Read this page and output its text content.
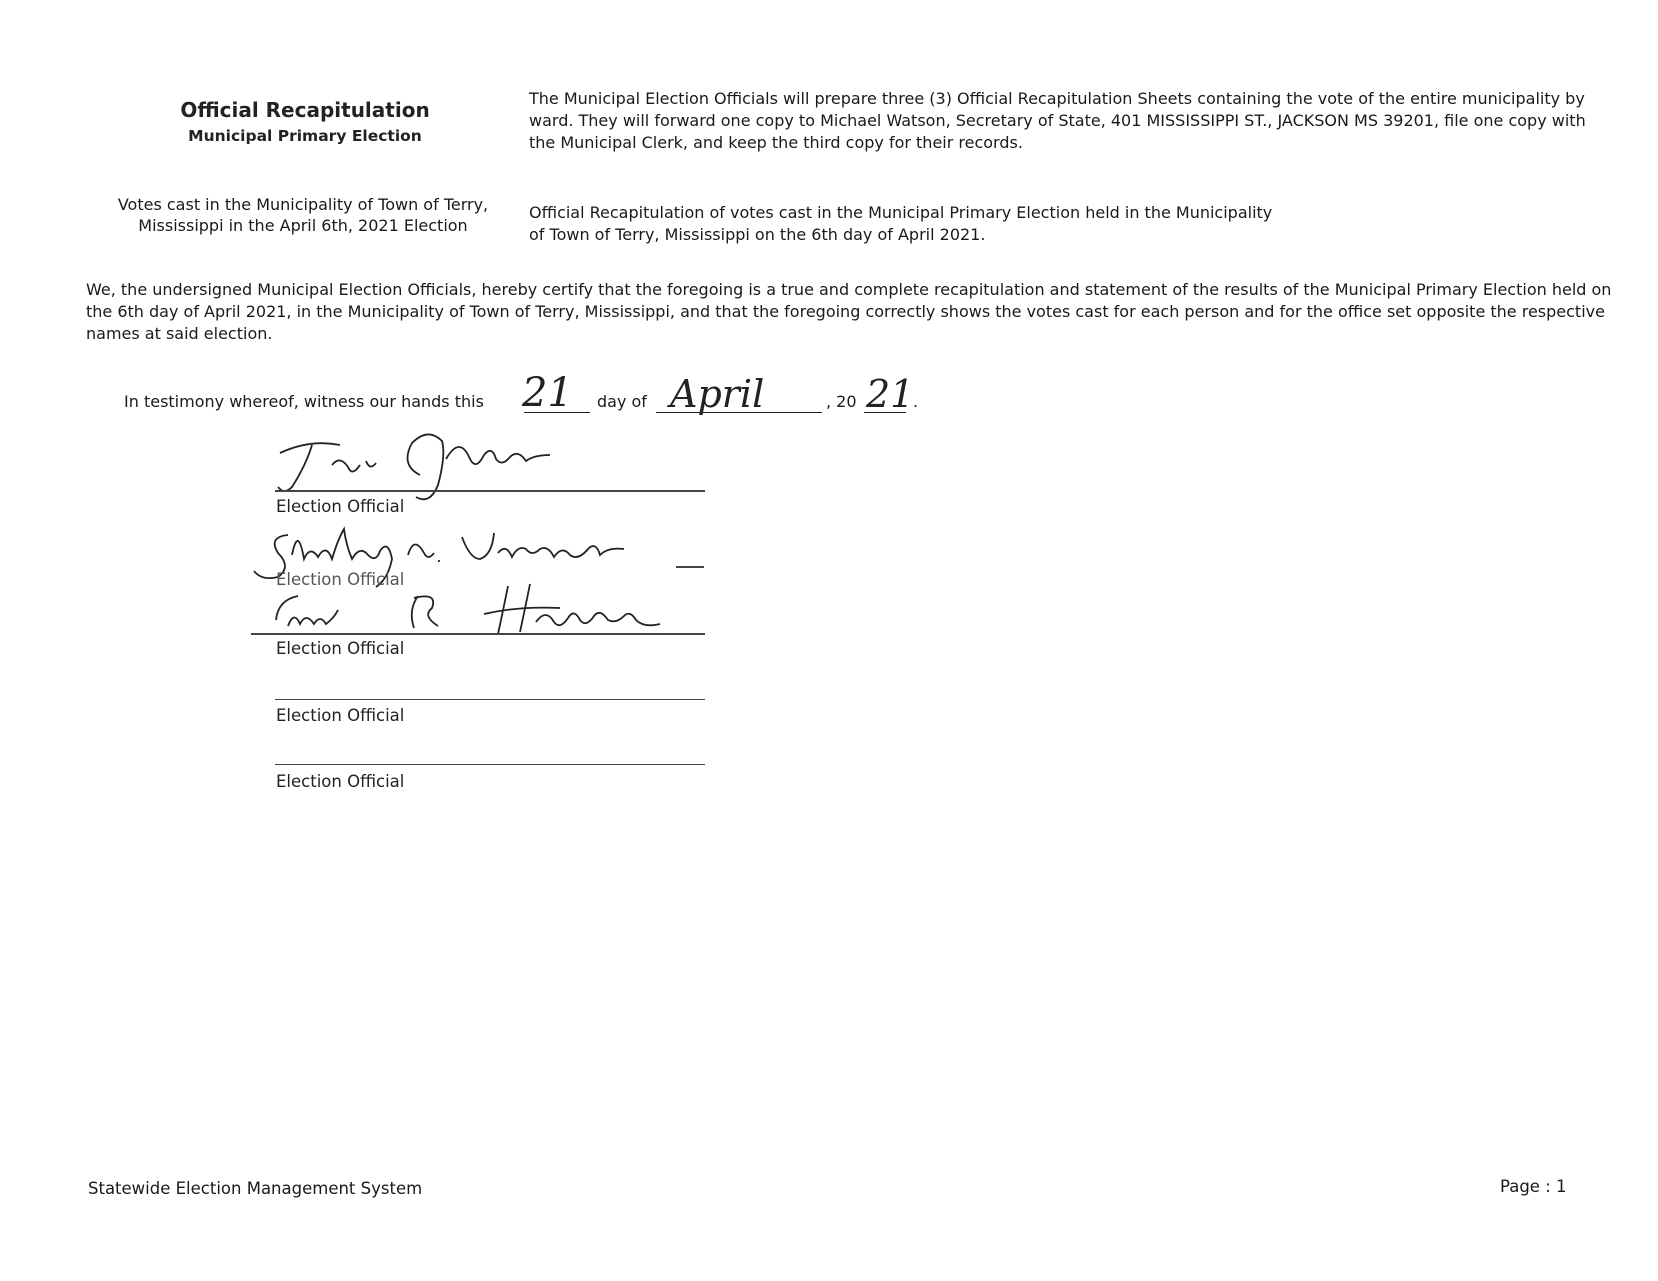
Official Recapitulation
Municipal Primary Election
The Municipal Election Officials will prepare three (3) Official Recapitulation Sheets containing the vote of the entire municipality by ward. They will forward one copy to Michael Watson, Secretary of State, 401 MISSISSIPPI ST., JACKSON MS 39201, file one copy with the Municipal Clerk, and keep the third copy for their records.
Votes cast in the Municipality of Town of Terry,
Mississippi in the April 6th, 2021 Election
Official Recapitulation of votes cast in the Municipal Primary Election held in the Municipality of Town of Terry, Mississippi on the 6th day of April 2021.
We, the undersigned Municipal Election Officials, hereby certify that the foregoing is a true and complete recapitulation and statement of the results of the Municipal Primary Election held on the 6th day of April 2021, in the Municipality of Town of Terry, Mississippi, and that the foregoing correctly shows the votes cast for each person and for the office set opposite the respective names at said election.
In testimony whereof, witness our hands this 21 day of April	, 20 21
.
Election Official
Election Official
Election Official
Election Official
Election Official
Statewide Election Management System	Page : 1
